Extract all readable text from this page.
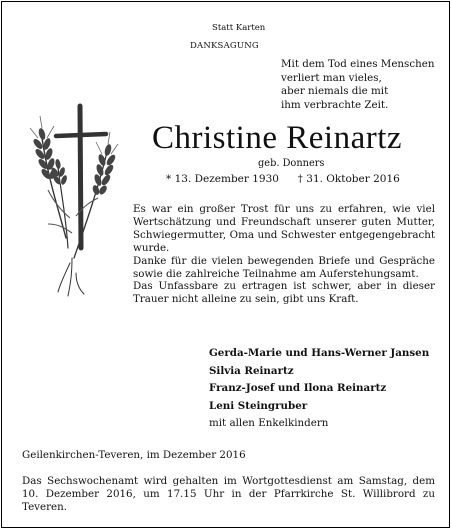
Statt Karten
DANKSAGUNG
Mit dem Tod eines Menschen
verliert man vieles,
aber niemals die mit
ihm verbrachte Zeit.
Christine Reinartz
geb. Donners
* 13. Dezember 1930 † 31. Oktober 2016

Es war ein großer Trost für uns zu erfahren, wie viel Wertschätzung und Freundschaft unserer guten Mutter, Schwiegermutter, Oma und Schwester entgegengebracht wurde.

Danke für die vielen bewegenden Briefe und Gespräche sowie die zahlreiche Teilnahme am Auferstehungsamt.

Das Unfassbare zu ertragen ist schwer, aber in dieser Trauer nicht alleine zu sein, gibt uns Kraft.

Gerda-Marie und Hans-Werner Jansen
Silvia Reinartz
Franz-Josef und Ilona Reinartz
Leni Steingruber
mit allen Enkelkindern
Geilenkirchen-Teveren, im Dezember 2016
Das Sechswochenamt wird gehalten im Wortgottesdienst am Samstag, dem 10. Dezember 2016, um 17.15 Uhr in der Pfarrkirche St. Willibrord zu Teveren.
